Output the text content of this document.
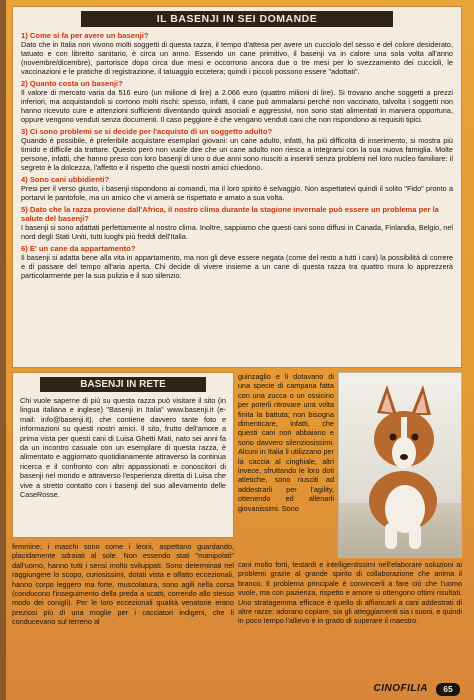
IL BASENJI IN SEI DOMANDE
1) Come si fa per avere un basenji?
Dato che in Italia non vivono molti soggetti di questa razza, il tempo d'attesa per avere un cucciolo del sesso e del colore desiderato, tatuato e con libretto sanitario, è circa un anno. Essendo un cane primitivo, il basenji va in calore una sola volta all'anno (novembre/dicembre), partorisce dopo circa due mesi e occorrono ancora due o tre mesi per lo svezzamento dei cuccioli, le vaccinazioni e le pratiche di registrazione, il tatuaggio eccetera; quindi i piccoli possono essere "adottati".
2) Quanto costa un basenji?
Il valore di mercato varia da 516 euro (un milione di lire) a 2.066 euro (quattro milioni di lire). Si trovano anche soggetti a prezzi inferiori, ma acquistandoli si corrono molti rischi: spesso, infatti, il cane può ammalarsi perché non vaccinato, talvolta i soggetti non hanno ricevuto cure e attenzioni sufficienti diventando quindi asociali e aggressivi, non sono stati alimentati in maniera opportuna, oppure vengono venduti senza documenti. Il caso peggiore è che vengano venduti cani che non rispondono ai requisiti tipici.
3) Ci sono problemi se si decide per l'acquisto di un soggetto adulto?
Quando è possibile, è preferibile acquistare esemplari giovani: un cane adulto, infatti, ha più difficoltà di inserimento, si mostra più timido e difficile da trattare. Questo però non vuole dire che un cane adulto non riesca a integrarsi con la sua nuova famiglia. Molte persone, infatti, che hanno preso con loro basenji di uno o due anni sono riusciti a inserirli senza problemi nel loro nucleo familiare: il segreto è la dolcezza, l'affetto e il rispetto che questi nostri amici chiedono.
4) Sono cani ubbidienti?
Presi per il verso giusto, i basenji rispondono ai comandi, ma il loro spirito è selvaggio. Non aspettatevi quindi il solito "Fido" pronto a portarvi le pantofole, ma un amico che vi amerà se rispettato e amato a sua volta.
5) Dato che la razza proviene dall'Africa, il nostro clima durante la stagione invernale può essere un problema per la salute del basenji?
I basenji si sono adattati perfettamente al nostro clima. Inoltre, sappiamo che questi cani sono diffusi in Canada, Finlandia, Belgio, nel nord degli Stati Uniti, tutti luoghi più freddi dell'Italia.
6) E' un cane da appartamento?
Il basenji si adatta bene alla vita in appartamento, ma non gli deve essere negata (come del resto a tutti i cani) la possibilità di correre e di passare del tempo all'aria aperta. Chi decide di vivere insieme a un cane di questa razza tra quattro mura lo apprezzerà particolarmente per la sua pulizia e il suo silenzio.
BASENJI IN RETE

Chi vuole saperne di più su questa razza può visitare il sito (in lingua italiana e inglese) "Basenji in Italia" www.basenji.it (e-mail: info@basenji.it), che contiene davvero tante foto e informazioni su questi nostri amici. Il sito, frutto dell'amore a prima vista per questi cani di Luisa Ghetti Mati, nato sei anni fa da un incontro casuale con un esemplare di questa razza, è alimentato e aggiornato quotidianamente attraverso la continua ricerca e il confronto con altri appassionati e conoscitori di basenji nel mondo e attraverso l'esperienza diretta di Luisa che vive a stretto contatto con i basenji del suo allevamento delle CaseRosse.

guinzaglio e li dotavano di una specie di campana fatta con una zucca o un ossicino per poterli ritrovare una volta finita la battuta; non bisogna dimenticare, infatti, che questi cani non abbaiano e sono davvero silenziosissimi. Alcuni in Italia li utilizzano per la caccia al cinghiale, altri invece, sfruttando le loro doti atletiche, sono riusciti ad addestrarli per l'agility, ottenendo ed allenarli giovanissimi. Sono

cani molto forti, testardi e intelligentissimi nell'elaborare soluzioni ai problemi grazie al grande spirito di collaborazione che anima il branco. Il problema principale è convincerli a fare ciò che l'uomo vuole, ma con pazienza, rispetto e amore si ottengono ottimi risultati. Uno stratagemma efficace è quello di affiancarli a cani addestrati di altre razze: adorano copiare, sia gli atteggiamenti sia i suoni, e quindi in poco tempo l'allievo è in grado di superare il maestro.

femmine; i maschi sono come i leoni, aspettano guardando, placidamente sdraiati al sole. Non essendo stati "manipolati" dall'uomo, hanno tutti i sensi molto sviluppati. Sono determinati nel raggiungere lo scopo, curiosissimi, dotati vista e olfatto eccezionali, hanno corpo leggero ma forte, muscolatura, sono agili nella corsa (conducono l'inseguimento della preda a scatti, correndo allo stesso modo dei conigli). Per le loro eccezionali qualità venatorie erano preziosi più di una moglie per i cacciatori indigeni, che li conducevano sul terreno al

CINOFILIA	65
